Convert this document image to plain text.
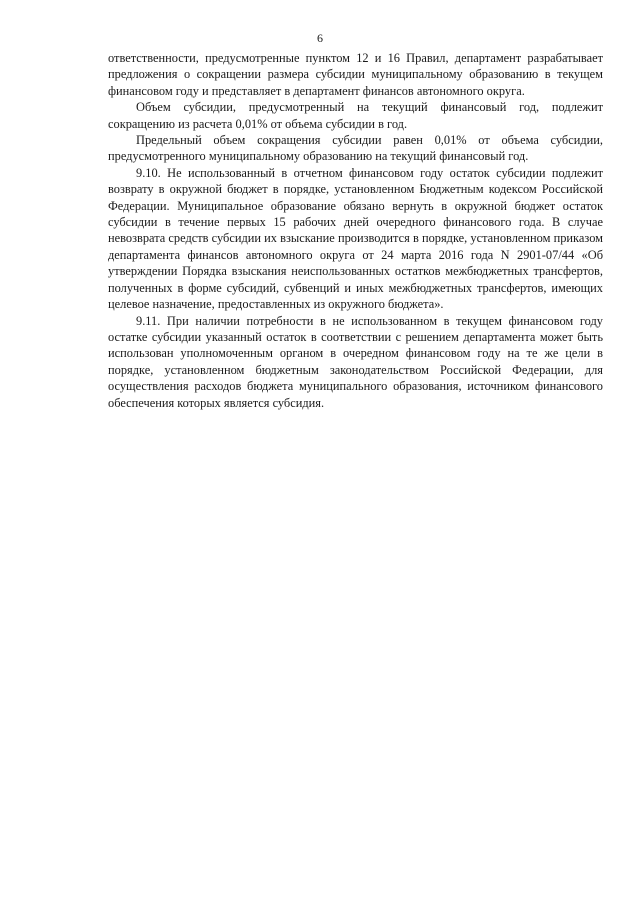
6

ответственности, предусмотренные пунктом 12 и 16 Правил, департамент разрабатывает предложения о сокращении размера субсидии муниципальному образованию в текущем финансовом году и представляет в департамент финансов автономного округа.

Объем субсидии, предусмотренный на текущий финансовый год, подлежит сокращению из расчета 0,01% от объема субсидии в год.

Предельный объем сокращения субсидии равен 0,01% от объема субсидии, предусмотренного муниципальному образованию на текущий финансовый год.

9.10. Не использованный в отчетном финансовом году остаток субсидии подлежит возврату в окружной бюджет в порядке, установленном Бюджетным кодексом Российской Федерации. Муниципальное образование обязано вернуть в окружной бюджет остаток субсидии в течение первых 15 рабочих дней очередного финансового года. В случае невозврата средств субсидии их взыскание производится в порядке, установленном приказом департамента финансов автономного округа от 24 марта 2016 года N 2901-07/44 «Об утверждении Порядка взыскания неиспользованных остатков межбюджетных трансфертов, полученных в форме субсидий, субвенций и иных межбюджетных трансфертов, имеющих целевое назначение, предоставленных из окружного бюджета».

9.11. При наличии потребности в не использованном в текущем финансовом году остатке субсидии указанный остаток в соответствии с решением департамента может быть использован уполномоченным органом в очередном финансовом году на те же цели в порядке, установленном бюджетным законодательством Российской Федерации, для осуществления расходов бюджета муниципального образования, источником финансового обеспечения которых является субсидия.
